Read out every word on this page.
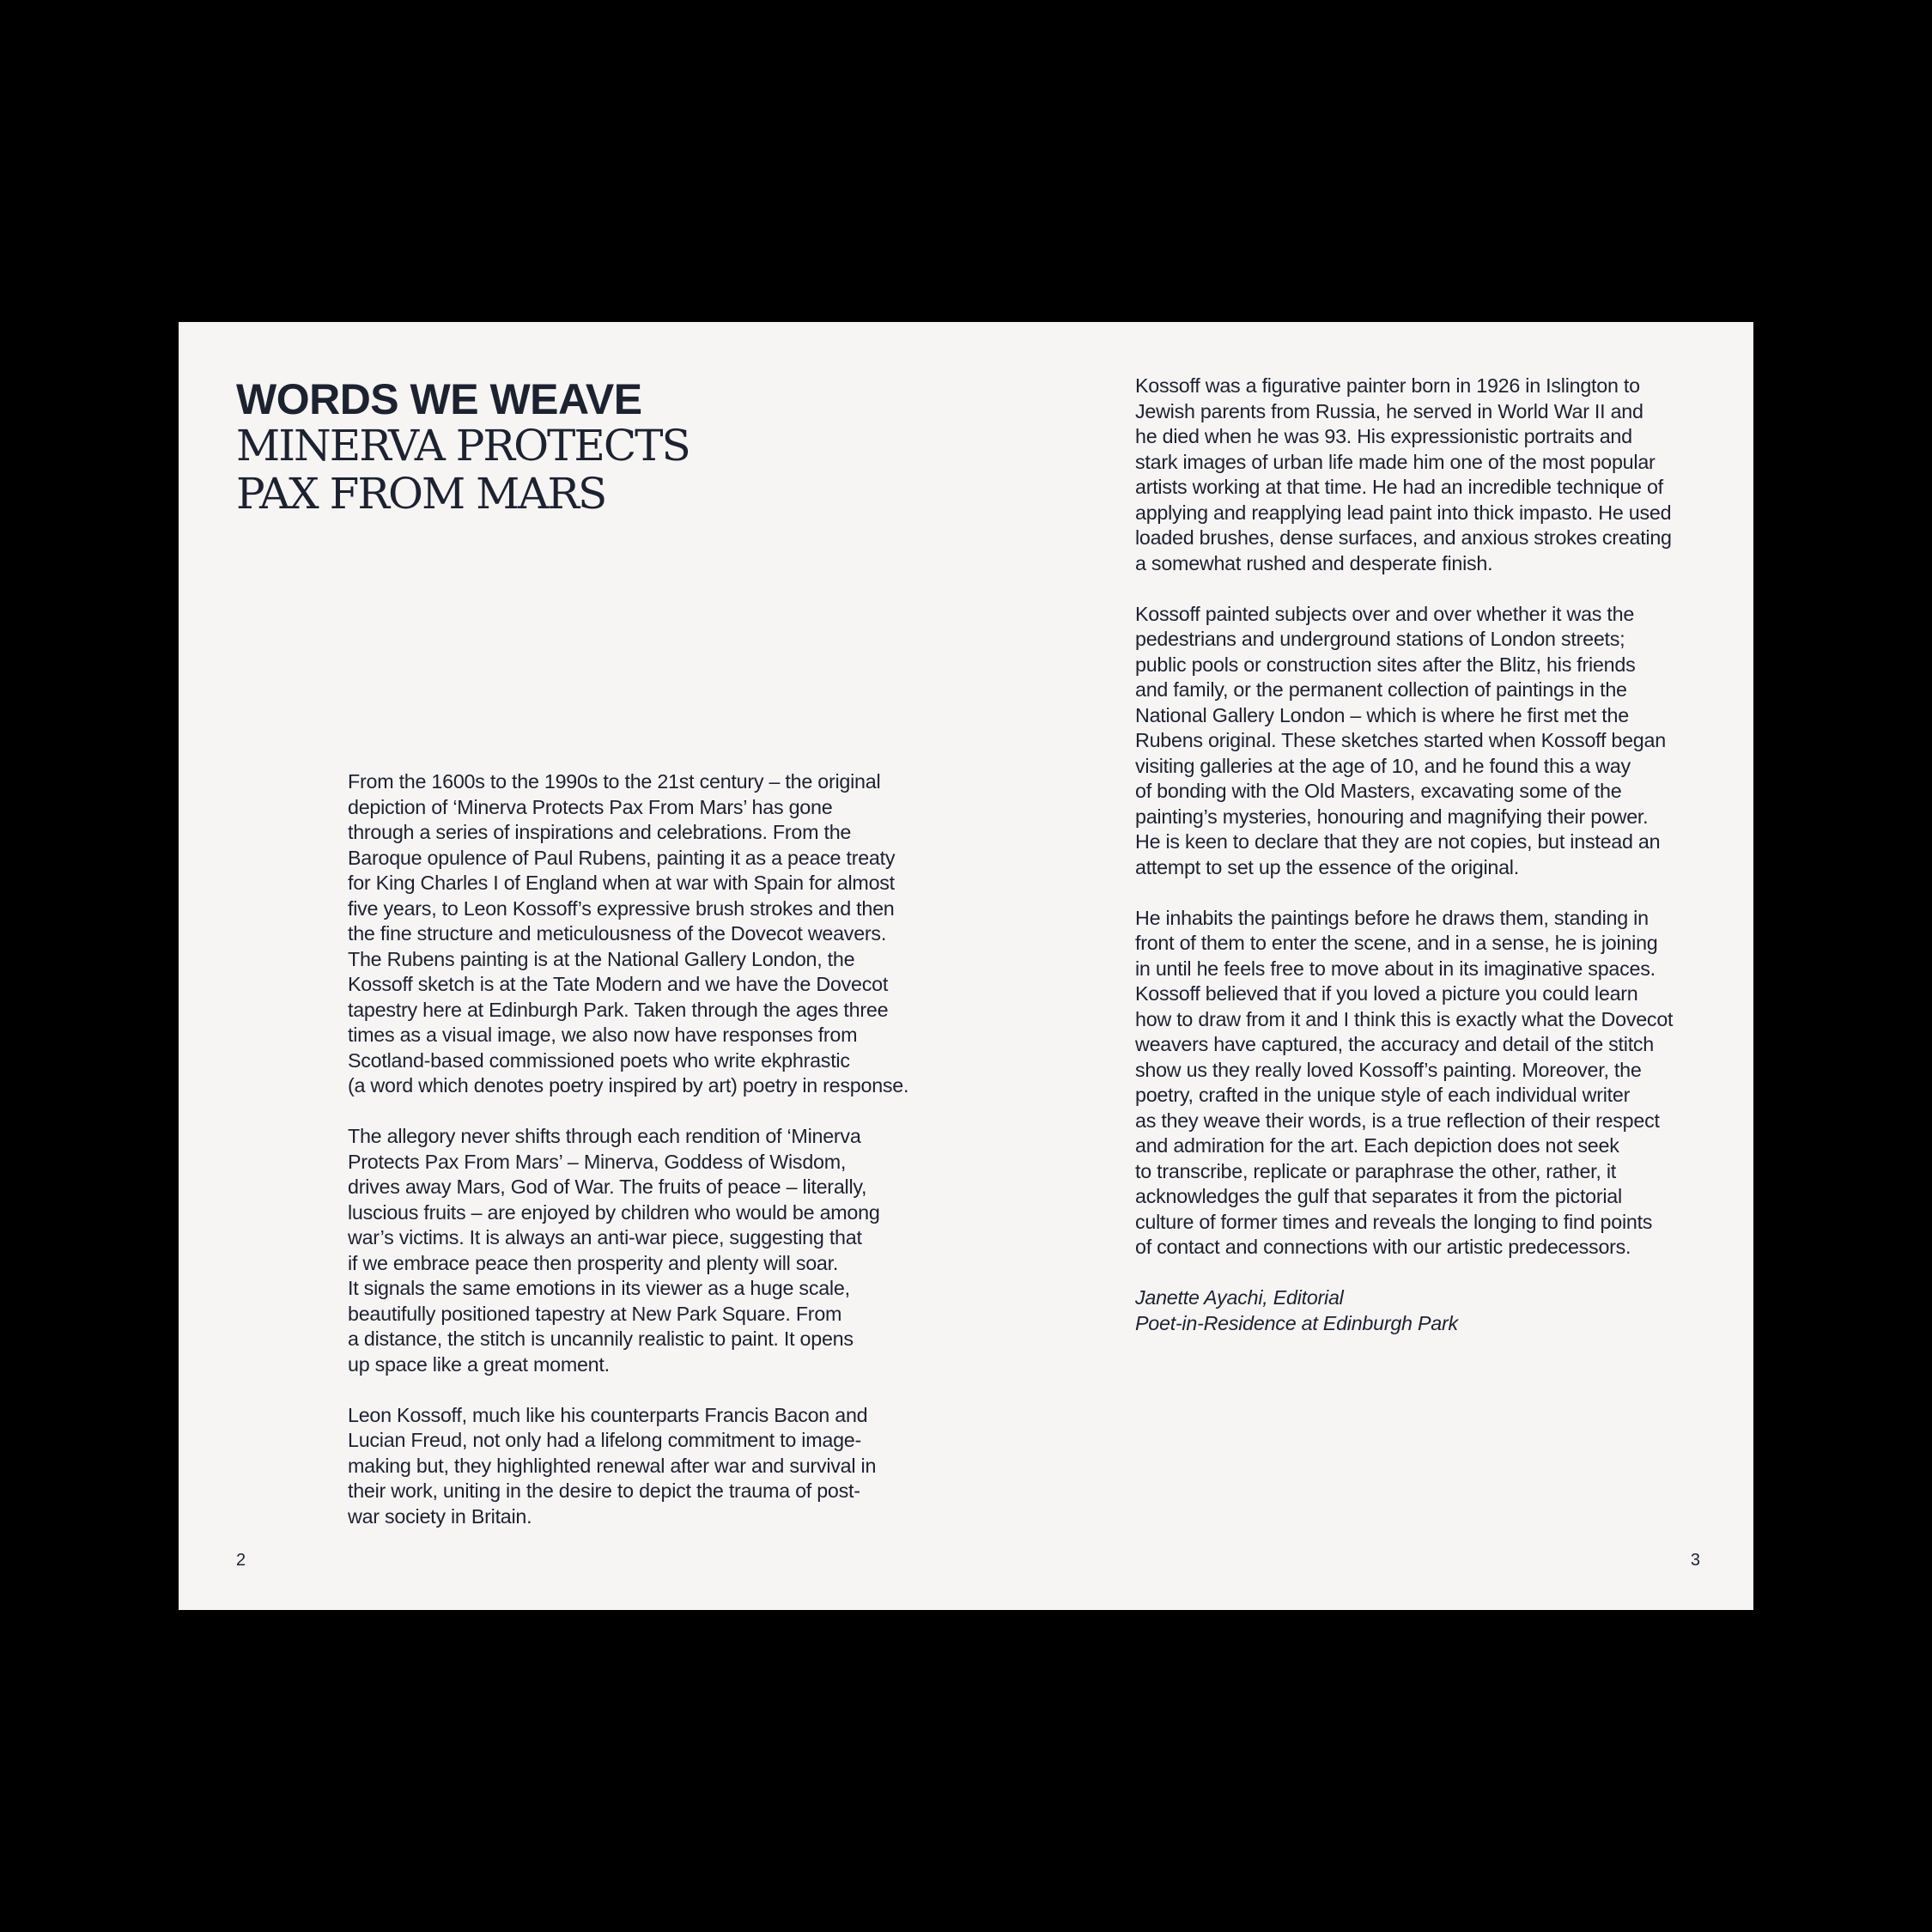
WORDS WE WEAVE
MINERVA PROTECTS
PAX FROM MARS

From the 1600s to the 1990s to the 21st century – the original
depiction of ‘Minerva Protects Pax From Mars’ has gone
through a series of inspirations and celebrations. From the
Baroque opulence of Paul Rubens, painting it as a peace treaty
for King Charles I of England when at war with Spain for almost
five years, to Leon Kossoff’s expressive brush strokes and then
the fine structure and meticulousness of the Dovecot weavers.
The Rubens painting is at the National Gallery London, the
Kossoff sketch is at the Tate Modern and we have the Dovecot
tapestry here at Edinburgh Park. Taken through the ages three
times as a visual image, we also now have responses from
Scotland-based commissioned poets who write ekphrastic
(a word which denotes poetry inspired by art) poetry in response.

The allegory never shifts through each rendition of ‘Minerva
Protects Pax From Mars’ – Minerva, Goddess of Wisdom,
drives away Mars, God of War. The fruits of peace – literally,
luscious fruits – are enjoyed by children who would be among
war’s victims. It is always an anti-war piece, suggesting that
if we embrace peace then prosperity and plenty will soar.
It signals the same emotions in its viewer as a huge scale,
beautifully positioned tapestry at New Park Square. From
a distance, the stitch is uncannily realistic to paint. It opens
up space like a great moment.

Leon Kossoff, much like his counterparts Francis Bacon and
Lucian Freud, not only had a lifelong commitment to image-
making but, they highlighted renewal after war and survival in
their work, uniting in the desire to depict the trauma of post-
war society in Britain.

Kossoff was a figurative painter born in 1926 in Islington to
Jewish parents from Russia, he served in World War II and
he died when he was 93. His expressionistic portraits and
stark images of urban life made him one of the most popular
artists working at that time. He had an incredible technique of
applying and reapplying lead paint into thick impasto. He used
loaded brushes, dense surfaces, and anxious strokes creating
a somewhat rushed and desperate finish.

Kossoff painted subjects over and over whether it was the
pedestrians and underground stations of London streets;
public pools or construction sites after the Blitz, his friends
and family, or the permanent collection of paintings in the
National Gallery London – which is where he first met the
Rubens original. These sketches started when Kossoff began
visiting galleries at the age of 10, and he found this a way
of bonding with the Old Masters, excavating some of the
painting’s mysteries, honouring and magnifying their power.
He is keen to declare that they are not copies, but instead an
attempt to set up the essence of the original.

He inhabits the paintings before he draws them, standing in
front of them to enter the scene, and in a sense, he is joining
in until he feels free to move about in its imaginative spaces.
Kossoff believed that if you loved a picture you could learn
how to draw from it and I think this is exactly what the Dovecot
weavers have captured, the accuracy and detail of the stitch
show us they really loved Kossoff’s painting. Moreover, the
poetry, crafted in the unique style of each individual writer
as they weave their words, is a true reflection of their respect
and admiration for the art. Each depiction does not seek
to transcribe, replicate or paraphrase the other, rather, it
acknowledges the gulf that separates it from the pictorial
culture of former times and reveals the longing to find points
of contact and connections with our artistic predecessors.

Janette Ayachi, Editorial
Poet-in-Residence at Edinburgh Park

2	3
